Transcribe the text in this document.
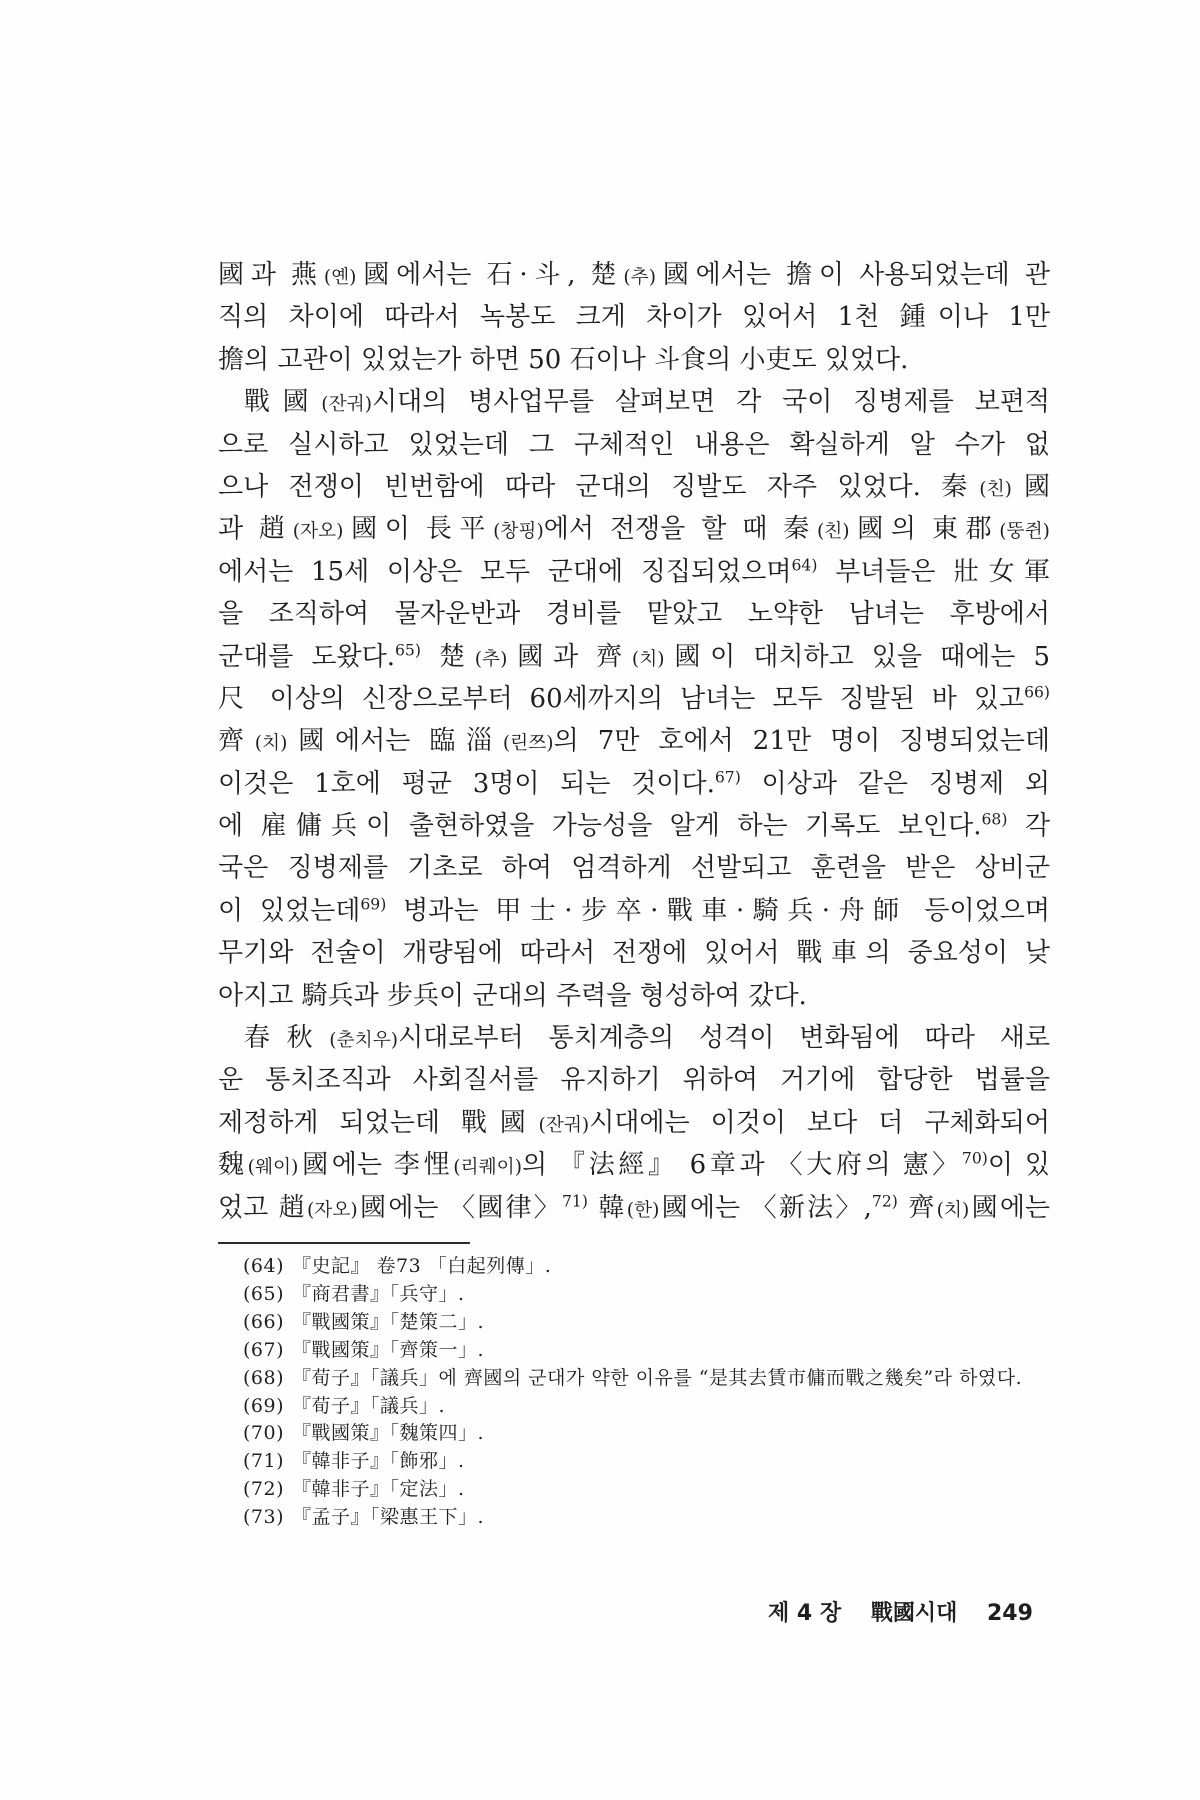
國과 燕(옌)國에서는 石·斗, 楚(추)國에서는 擔이 사용되었는데 관
직의 차이에 따라서 녹봉도 크게 차이가 있어서 1천 鍾이나 1만
擔의 고관이 있었는가 하면 50 石이나 斗食의 小吏도 있었다.
戰國(잔궈)시대의 병사업무를 살펴보면 각 국이 징병제를 보편적
으로 실시하고 있었는데 그 구체적인 내용은 확실하게 알 수가 없
으나 전쟁이 빈번함에 따라 군대의 징발도 자주 있었다. 秦(친)國
과 趙(자오)國이 長平(창핑)에서 전쟁을 할 때 秦(친)國의 東郡(뚱쥔)
에서는 15세 이상은 모두 군대에 징집되었으며$^{64)}$ 부녀들은 壯女軍
을 조직하여 물자운반과 경비를 맡았고 노약한 남녀는 후방에서
군대를 도왔다.$^{65)}$ 楚(추)國과 齊(치)國이 대치하고 있을 때에는 5
尺 이상의 신장으로부터 60세까지의 남녀는 모두 징발된 바 있고$^{66)}$
齊(치)國에서는 臨淄(린쯔)의 7만 호에서 21만 명이 징병되었는데
이것은 1호에 평균 3명이 되는 것이다.$^{67)}$ 이상과 같은 징병제 외
에 雇傭兵이 출현하였을 가능성을 알게 하는 기록도 보인다.$^{68)}$ 각
국은 징병제를 기초로 하여 엄격하게 선발되고 훈련을 받은 상비군
이 있었는데$^{69)}$ 병과는 甲士·步卒·戰車·騎兵·舟師 등이었으며
무기와 전술이 개량됨에 따라서 전쟁에 있어서 戰車의 중요성이 낮
아지고 騎兵과 步兵이 군대의 주력을 형성하여 갔다.
春秋(춘치우)시대로부터 통치계층의 성격이 변화됨에 따라 새로
운 통치조직과 사회질서를 유지하기 위하여 거기에 합당한 법률을
제정하게 되었는데 戰國(잔궈)시대에는 이것이 보다 더 구체화되어
魏(웨이)國에는 李悝(리퀘이)의 『法經』 6章과 〈大府의 憲〉$^{70)}$이 있
었고 趙(자오)國에는 〈國律〉$^{71)}$ 韓(한)國에는 〈新法〉,$^{72)}$ 齊(치)國에는
(64) 『史記』 卷73 「白起列傳」.
(65) 『商君書』「兵守」.
(66) 『戰國策』「楚策二」.
(67) 『戰國策』「齊策一」.
(68) 『荀子』「議兵」에 齊國의 군대가 약한 이유를 “是其去賃市傭而戰之幾矣”라 하였다.
(69) 『荀子』「議兵」.
(70) 『戰國策』「魏策四」.
(71) 『韓非子』「飾邪」.
(72) 『韓非子』「定法」.
(73) 『孟子』「梁惠王下」.
제 4 장 戰國시대 249
